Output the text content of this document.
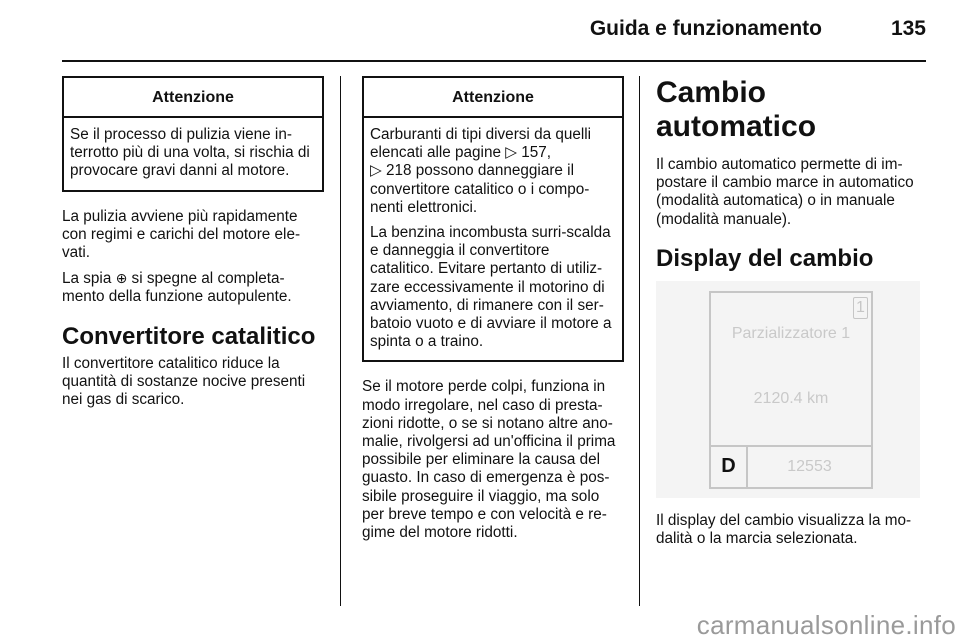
Guida e funzionamento	135
Attenzione

Se il processo di pulizia viene in-terrotto più di una volta, si rischia di provocare gravi danni al motore.

La pulizia avviene più rapidamente con regimi e carichi del motore ele-vati.

La spia ⊕ si spegne al completa-mento della funzione autopulente.

Convertitore catalitico

Il convertitore catalitico riduce la quantità di sostanze nocive presenti nei gas di scarico.

Attenzione

Carburanti di tipi diversi da quelli elencati alle pagine ▷ 157,
▷ 218 possono danneggiare il convertitore catalitico o i compo-nenti elettronici.

La benzina incombusta surri-scalda e danneggia il convertitore catalitico. Evitare pertanto di utiliz-zare eccessivamente il motorino di avviamento, di rimanere con il ser-batoio vuoto e di avviare il motore a spinta o a traino.

Se il motore perde colpi, funziona in modo irregolare, nel caso di presta-zioni ridotte, o se si notano altre ano-malie, rivolgersi ad un'officina il prima possibile per eliminare la causa del guasto. In caso di emergenza è pos-sibile proseguire il viaggio, ma solo per breve tempo e con velocità e re-gime del motore ridotti.

Cambio automatico

Il cambio automatico permette di im-postare il cambio marce in automatico (modalità automatica) o in manuale (modalità manuale).

Display del cambio
1
Parzializzatore 1
2120.4 km
D	12553

Il display del cambio visualizza la mo-dalità o la marcia selezionata.

carmanualsonline.info
